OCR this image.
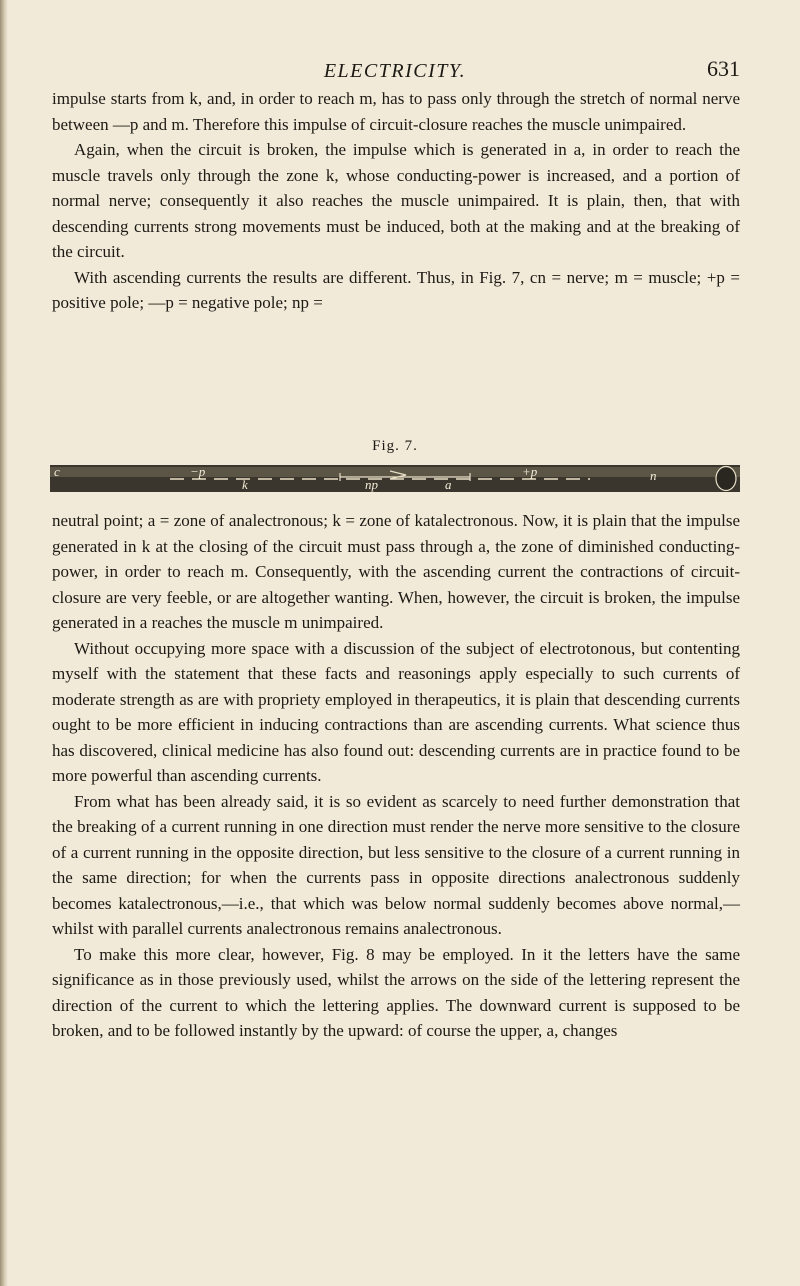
ELECTRICITY.	631

impulse starts from k, and, in order to reach m, has to pass only through the stretch of normal nerve between —p and m. Therefore this impulse of circuit-closure reaches the muscle unimpaired.

Again, when the circuit is broken, the impulse which is generated in a, in order to reach the muscle travels only through the zone k, whose conducting-power is increased, and a portion of normal nerve; consequently it also reaches the muscle unimpaired. It is plain, then, that with descending currents strong movements must be induced, both at the making and at the breaking of the circuit.

With ascending currents the results are different. Thus, in Fig. 7, cn = nerve; m = muscle; +p = positive pole; —p = negative pole; np =

Fig. 7.
c	−p
k	np	a
+p	n

neutral point; a = zone of analectronous; k = zone of katalectronous. Now, it is plain that the impulse generated in k at the closing of the circuit must pass through a, the zone of diminished conducting-power, in order to reach m. Consequently, with the ascending current the contractions of circuit-closure are very feeble, or are altogether wanting. When, however, the circuit is broken, the impulse generated in a reaches the muscle m unimpaired.

Without occupying more space with a discussion of the subject of electrotonous, but contenting myself with the statement that these facts and reasonings apply especially to such currents of moderate strength as are with propriety employed in therapeutics, it is plain that descending currents ought to be more efficient in inducing contractions than are ascending currents. What science thus has discovered, clinical medicine has also found out: descending currents are in practice found to be more powerful than ascending currents.

From what has been already said, it is so evident as scarcely to need further demonstration that the breaking of a current running in one direction must render the nerve more sensitive to the closure of a current running in the opposite direction, but less sensitive to the closure of a current running in the same direction; for when the currents pass in opposite directions analectronous suddenly becomes katalectronous,—i.e., that which was below normal suddenly becomes above normal,—whilst with parallel currents analectronous remains analectronous.

To make this more clear, however, Fig. 8 may be employed. In it the letters have the same significance as in those previously used, whilst the arrows on the side of the lettering represent the direction of the current to which the lettering applies. The downward current is supposed to be broken, and to be followed instantly by the upward: of course the upper, a, changes
